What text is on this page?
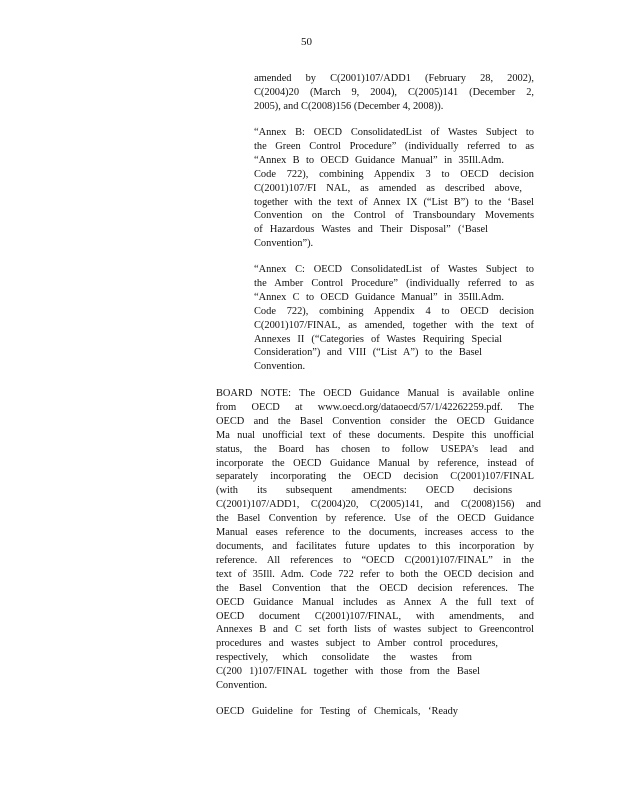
50
amended by C(2001)107/ADD1 (February 28, 2002),
C(2004)20 (March 9, 2004), C(2005)141 (December 2,
2005), and C(2008)156 (December 4, 2008)).
“Annex B: OECD ConsolidatedList of Wastes Subject to
the Green Control Procedure” (individually referred to as
“Annex B to OECD Guidance Manual” in 35Ill.Adm.
Code 722), combining Appendix 3 to OECD decision
C(2001)107/FI NAL, as amended as described above,
together with the text of Annex IX (“List B”) to the ‘Basel
Convention on the Control of Transboundary Movements
of Hazardous Wastes and Their Disposal” (‘Basel
Convention”).
“Annex C: OECD ConsolidatedList of Wastes Subject to
the Amber Control Procedure” (individually referred to as
“Annex C to OECD Guidance Manual” in 35Ill.Adm.
Code 722), combining Appendix 4 to OECD decision
C(2001)107/FINAL, as amended, together with the text of
Annexes II (“Categories of Wastes Requiring Special
Consideration”) and VIII (“List A”) to the Basel
Convention.
BOARD NOTE: The OECD Guidance Manual is available online
from OECD at www.oecd.org/dataoecd/57/1/42262259.pdf. The
OECD and the Basel Convention consider the OECD Guidance
Ma nual unofficial text of these documents. Despite this unofficial
status, the Board has chosen to follow USEPA’s lead and
incorporate the OECD Guidance Manual by reference, instead of
separately incorporating the OECD decision C(2001)107/FINAL
(with its subsequent amendments: OECD decisions
C(2001)107/ADD1, C(2004)20, C(2005)141, and C(2008)156) and
the Basel Convention by reference. Use of the OECD Guidance
Manual eases reference to the documents, increases access to the
documents, and facilitates future updates to this incorporation by
reference. All references to “OECD C(2001)107/FINAL” in the
text of 35Ill. Adm. Code 722 refer to both the OECD decision and
the Basel Convention that the OECD decision references. The
OECD Guidance Manual includes as Annex A the full text of
OECD document C(2001)107/FINAL, with amendments, and
Annexes B and C set forth lists of wastes subject to Greencontrol
procedures and wastes subject to Amber control procedures,
respectively, which consolidate the wastes from
C(200 1)107/FINAL together with those from the Basel
Convention.
OECD Guideline for Testing of Chemicals, ‘Ready
